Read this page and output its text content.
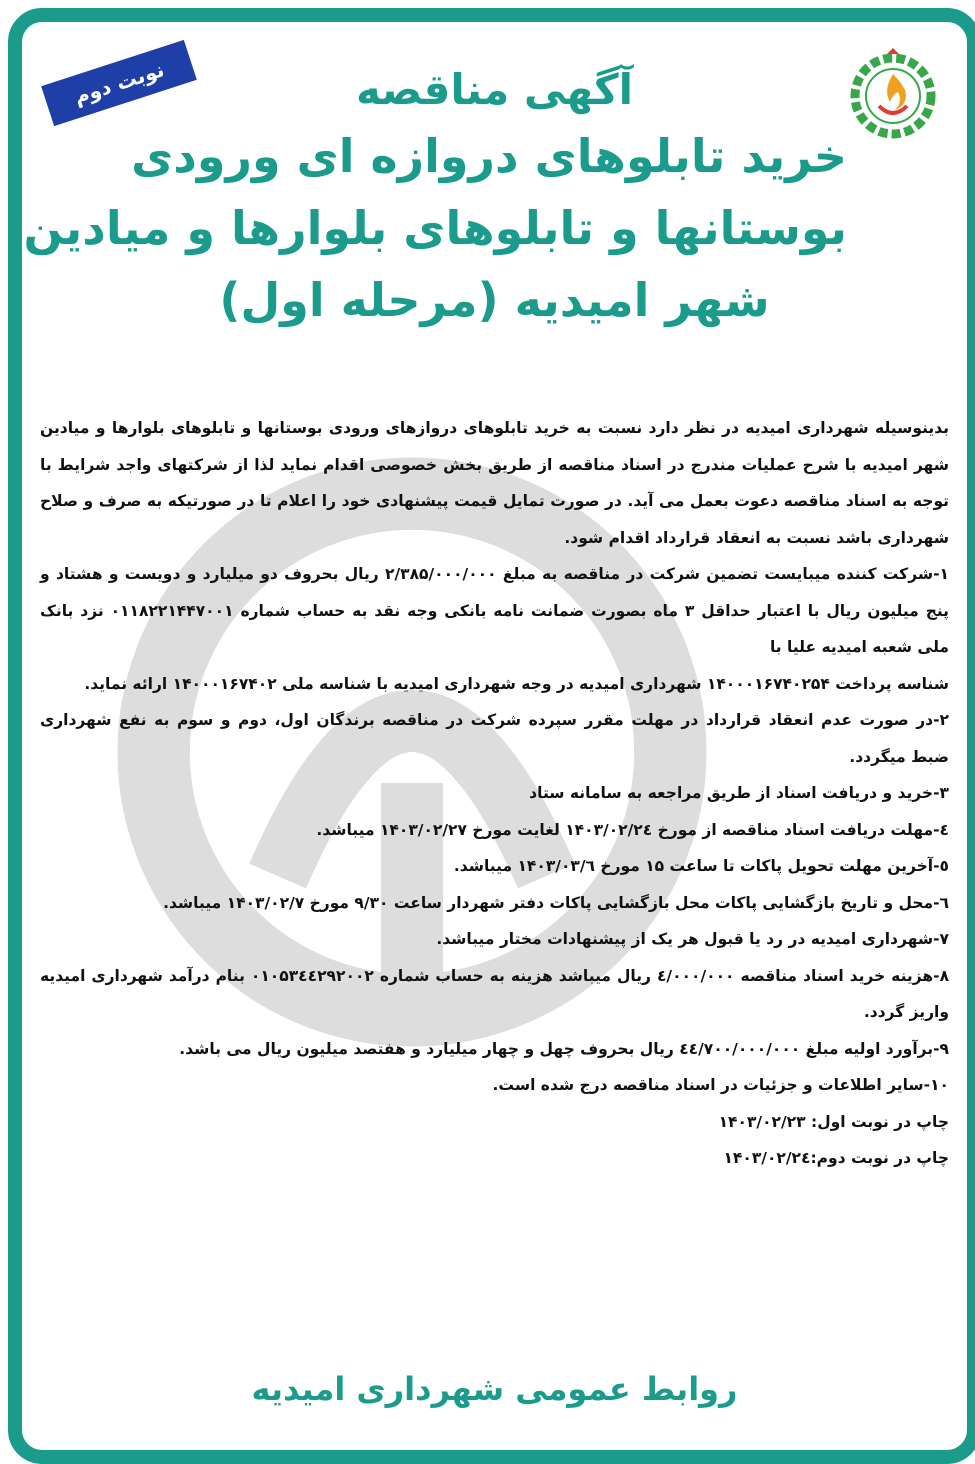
نوبت دوم	آگهی مناقصه
خرید تابلوهای دروازه ای ورودی
بوستانها و تابلوهای بلوارها و میادین
شهر امیدیه (مرحله اول)

بدینوسیله شهرداری امیدیه در نظر دارد نسبت به خرید تابلوهای دروازهای ورودی بوستانها و تابلوهای بلوارها و میادین شهر امیدیه با شرح عملیات مندرج در اسناد مناقصه از طریق بخش خصوصی اقدام نماید لذا از شرکتهای واجد شرایط با توجه به اسناد مناقصه دعوت بعمل می آید. در صورت تمایل قیمت پیشنهادی خود را اعلام تا در صورتیکه به صرف و صلاح شهرداری باشد نسبت به انعقاد قرارداد اقدام شود.

۱-شرکت کننده میبایست تضمین شرکت در مناقصه به مبلغ ۲/۳۸۵/۰۰۰/۰۰۰ ریال بحروف دو میلیارد و دویست و هشتاد و پنج میلیون ریال با اعتبار حداقل ۳ ماه بصورت ضمانت نامه بانکی وجه نقد به حساب شماره ۰۱۱۸۲۲۱۴۴۷۰۰۱ نزد بانک ملی شعبه امیدیه علیا با

شناسه پرداخت ۱۴۰۰۰۱۶۷۴۰۲۵۴ شهرداری امیدیه در وجه شهرداری امیدیه با شناسه ملی ۱۴۰۰۰۱۶۷۴۰۲ ارائه نماید.

۲-در صورت عدم انعقاد قرارداد در مهلت مقرر سپرده شرکت در مناقصه برندگان اول، دوم و سوم به نفع شهرداری ضبط میگردد.

۳-خرید و دریافت اسناد از طریق مراجعه به سامانه ستاد

٤-مهلت دریافت اسناد مناقصه از مورخ ۱۴۰۳/۰۲/۲٤ لغایت مورخ ۱۴۰۳/۰۲/۲۷ میباشد.

٥-آخرین مهلت تحویل پاکات تا ساعت ۱۵ مورخ ۱۴۰۳/۰۳/٦ میباشد.

٦-محل و تاریخ بازگشایی پاکات محل بازگشایی پاکات دفتر شهردار ساعت ۹/۳۰ مورخ ۱۴۰۳/۰۲/۷ میباشد.

۷-شهرداری امیدیه در رد یا قبول هر یک از پیشنهادات مختار میباشد.

۸-هزینه خرید اسناد مناقصه ٤/۰۰۰/۰۰۰ ریال میباشد هزینه به حساب شماره ۰۱۰۵۳٤٤۲۹۲۰۰۲ بنام درآمد شهرداری امیدیه واریز گردد.

۹-برآورد اولیه مبلغ ٤٤/۷۰۰/۰۰۰/۰۰۰ ریال بحروف چهل و چهار میلیارد و هفتصد میلیون ریال می باشد.

۱۰-سایر اطلاعات و جزئیات در اسناد مناقصه درج شده است.

چاپ در نوبت اول: ۱۴۰۳/۰۲/۲۳

چاپ در نوبت دوم:۱۴۰۳/۰۲/۲٤

روابط عمومی شهرداری امیدیه
